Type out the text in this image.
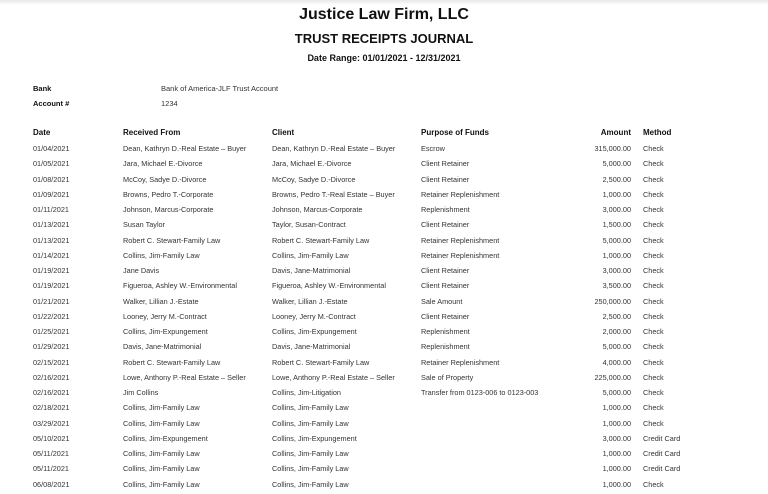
Justice Law Firm, LLC
TRUST RECEIPTS JOURNAL
Date Range: 01/01/2021 - 12/31/2021
Bank	Bank of America-JLF Trust Account
Account #	1234
Date	Received From	Client	Purpose of Funds	Amount	Method
01/04/2021	Dean, Kathryn D.-Real Estate – Buyer	Dean, Kathryn D.-Real Estate – Buyer	Escrow	315,000.00	Check
01/05/2021	Jara, Michael E.-Divorce	Jara, Michael E.-Divorce	Client Retainer	5,000.00	Check
01/08/2021	McCoy, Sadye D.-Divorce	McCoy, Sadye D.-Divorce	Client Retainer	2,500.00	Check
01/09/2021	Browns, Pedro T.-Corporate	Browns, Pedro T.-Real Estate – Buyer	Retainer Replenishment	1,000.00	Check
01/11/2021	Johnson, Marcus-Corporate	Johnson, Marcus-Corporate	Replenishment	3,000.00	Check
01/13/2021	Susan Taylor	Taylor, Susan-Contract	Client Retainer	1,500.00	Check
01/13/2021	Robert C. Stewart-Family Law	Robert C. Stewart-Family Law	Retainer Replenishment	5,000.00	Check
01/14/2021	Collins, Jim-Family Law	Collins, Jim-Family Law	Retainer Replenishment	1,000.00	Check
01/19/2021	Jane Davis	Davis, Jane-Matrimonial	Client Retainer	3,000.00	Check
01/19/2021	Figueroa, Ashley W.-Environmental	Figueroa, Ashley W.-Environmental	Client Retainer	3,500.00	Check
01/21/2021	Walker, Lillian J.-Estate	Walker, Lillian J.-Estate	Sale Amount	250,000.00	Check
01/22/2021	Looney, Jerry M.-Contract	Looney, Jerry M.-Contract	Client Retainer	2,500.00	Check
01/25/2021	Collins, Jim-Expungement	Collins, Jim-Expungement	Replenishment	2,000.00	Check
01/29/2021	Davis, Jane-Matrimonial	Davis, Jane-Matrimonial	Replenishment	5,000.00	Check
02/15/2021	Robert C. Stewart-Family Law	Robert C. Stewart-Family Law	Retainer Replenishment	4,000.00	Check
02/16/2021	Lowe, Anthony P.-Real Estate – Seller	Lowe, Anthony P.-Real Estate – Seller	Sale of Property	225,000.00	Check
02/16/2021	Jim Collins	Collins, Jim-Litigation	Transfer from 0123-006 to 0123-003	5,000.00	Check
02/18/2021	Collins, Jim-Family Law	Collins, Jim-Family Law		1,000.00	Check
03/29/2021	Collins, Jim-Family Law	Collins, Jim-Family Law		1,000.00	Check
05/10/2021	Collins, Jim-Expungement	Collins, Jim-Expungement		3,000.00	Credit Card
05/11/2021	Collins, Jim-Family Law	Collins, Jim-Family Law		1,000.00	Credit Card
05/11/2021	Collins, Jim-Family Law	Collins, Jim-Family Law		1,000.00	Credit Card
06/08/2021	Collins, Jim-Family Law	Collins, Jim-Family Law		1,000.00	Check
